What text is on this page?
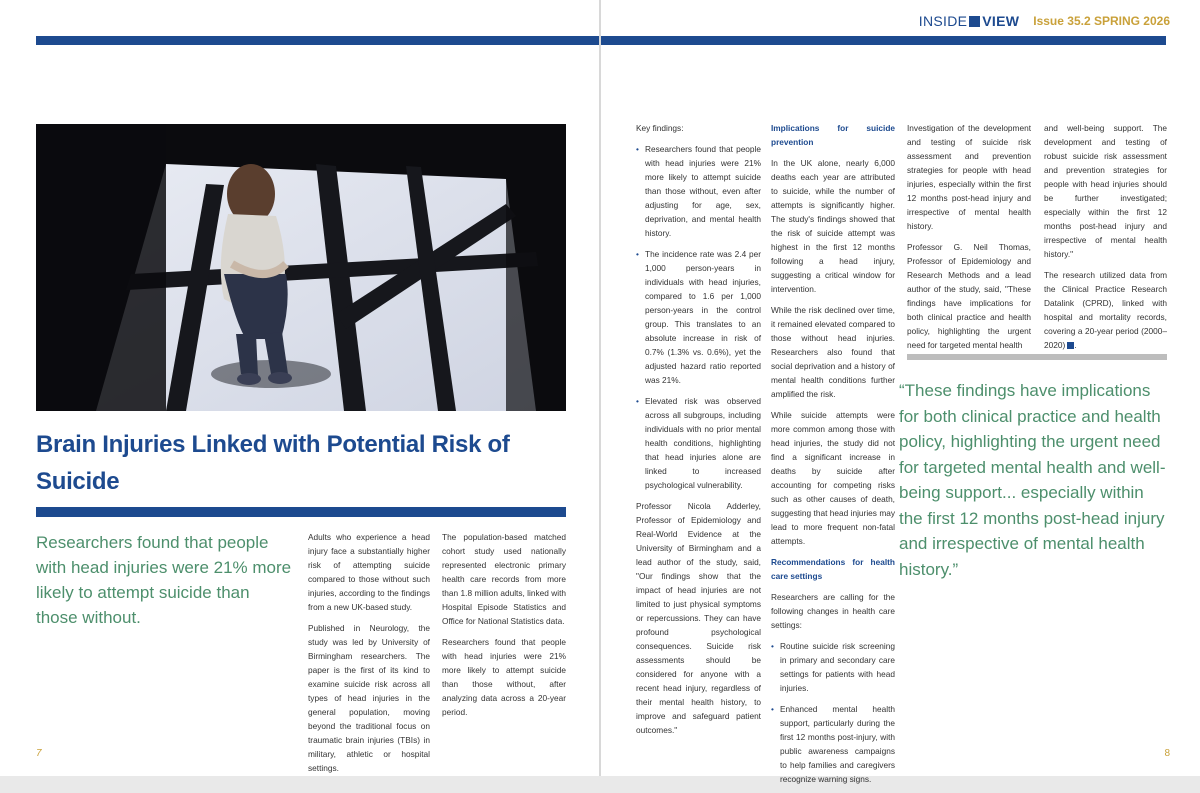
Brain Injuries Linked with Potential Risk of Suicide

Researchers found that people with head injuries were 21% more likely to attempt suicide than those without.

Adults who experience a head injury face a substantially higher risk of attempting suicide compared to those without such injuries, according to the findings from a new UK-based study.

Published in Neurology, the study was led by University of Birmingham researchers. The paper is the first of its kind to examine suicide risk across all types of head injuries in the general population, moving beyond the traditional focus on traumatic brain injuries (TBIs) in military, athletic or hospital settings.

The population-based matched cohort study used nationally represented electronic primary health care records from more than 1.8 million adults, linked with Hospital Episode Statistics and Office for National Statistics data.

Researchers found that people with head injuries were 21% more likely to attempt suicide than those without, after analyzing data across a 20-year period.

7
INSIDE VIEW Issue 35.2 SPRING 2026

Key findings:

• Researchers found that people with head injuries were 21% more likely to attempt suicide than those without, even after adjusting for age, sex, deprivation, and mental health history.
• The incidence rate was 2.4 per 1,000 person-years in individuals with head injuries, compared to 1.6 per 1,000 person-years in the control group. This translates to an absolute increase in risk of 0.7% (1.3% vs. 0.6%), yet the adjusted hazard ratio reported was 21%.
• Elevated risk was observed across all subgroups, including individuals with no prior mental health conditions, highlighting that head injuries alone are linked to increased psychological vulnerability.

Professor Nicola Adderley, Professor of Epidemiology and Real-World Evidence at the University of Birmingham and a lead author of the study, said, "Our findings show that the impact of head injuries are not limited to just physical symptoms or repercussions. They can have profound psychological consequences. Suicide risk assessments should be considered for anyone with a recent head injury, regardless of their mental health history, to improve and safeguard patient outcomes."

Implications for suicide prevention

In the UK alone, nearly 6,000 deaths each year are attributed to suicide, while the number of attempts is significantly higher. The study's findings showed that the risk of suicide attempt was highest in the first 12 months following a head injury, suggesting a critical window for intervention.

While the risk declined over time, it remained elevated compared to those without head injuries. Researchers also found that social deprivation and a history of mental health conditions further amplified the risk.

While suicide attempts were more common among those with head injuries, the study did not find a significant increase in deaths by suicide after accounting for competing risks such as other causes of death, suggesting that head injuries may lead to more frequent non-fatal attempts.

Recommendations for health care settings

Researchers are calling for the following changes in health care settings:

• Routine suicide risk screening in primary and secondary care settings for patients with head injuries.
• Enhanced mental health support, particularly during the first 12 months post-injury, with public awareness campaigns to help families and caregivers recognize warning signs.

Investigation of the development and testing of suicide risk assessment and prevention strategies for people with head injuries, especially within the first 12 months post-head injury and irrespective of mental health history.

Professor G. Neil Thomas, Professor of Epidemiology and Research Methods and a lead author of the study, said, "These findings have implications for both clinical practice and health policy, highlighting the urgent need for targeted mental health

and well-being support. The development and testing of robust suicide risk assessment and prevention strategies for people with head injuries should be further investigated; especially within the first 12 months post-head injury and irrespective of mental health history."

The research utilized data from the Clinical Practice Research Datalink (CPRD), linked with hospital and mortality records, covering a 20-year period (2000–2020) .

“These findings have implications for both clinical practice and health policy, highlighting the urgent need for targeted mental health and well-being support... especially within the first 12 months post-head injury and irrespective of mental health history.”

8
